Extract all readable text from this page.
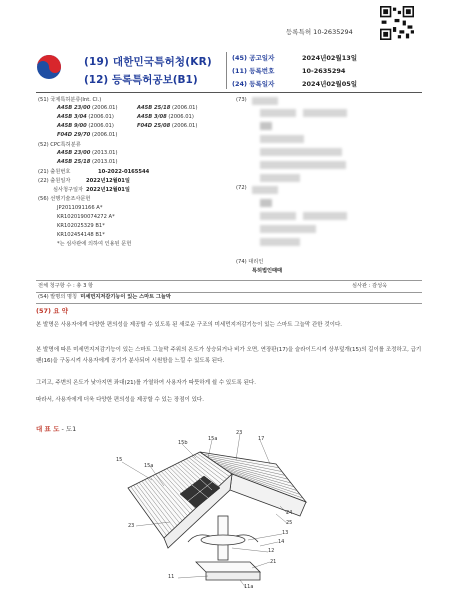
등록특허 10-2635294
(19) 대한민국특허청(KR)
(12) 등록특허공보(B1)
(45) 공고일자	2024년02월13일
(11) 등록번호	10-2635294
(24) 등록일자	2024년02월05일
(51) 국제특허분류(Int. Cl.)
A45B 23/00 (2006.01)	A45B 25/18 (2006.01)
A45B 3/04 (2006.01)	A45B 3/08 (2006.01)
A45B 9/00 (2006.01)	F04D 25/08 (2006.01)
F04D 29/70 (2006.01)
(52) CPC특허분류
A45B 23/00 (2013.01)
A45B 25/18 (2013.01)
(21) 출원번호	10-2022-0165544
(22) 출원일자	2022년12월01일
심사청구일자 2022년12월01일
(56) 선행기술조사문헌
JP2011091166 A*
KR1020190074272 A*
KR102025329 B1*
KR102454148 B1*
*는 심사관에 의하여 인용된 문헌
(73)
(72)
(74) 대리인
특허법인때때
전체 청구항 수 : 총 3 항	심사관 : 감성욱
(54) 발명의 명칭 미세먼지저감기능이 있는 스마트 그늘막
(57) 요 약
본 발명은 사용자에게 다양한 편의성을 제공할 수 있도록 된 새로운 구조의 미세먼지저감기능이 있는 스마트 그늘막 관한 것이다.
본 발명에 따른 미세먼지저감기능이 있는 스마트 그늘막 주위의 온도가 상승되거나 비가 오면, 연장판(17)을 슬라이드시켜 상부덮개(15)의 길이를 조정하고, 급기팬(16)을 구동시켜 사용자에게 공기가 분사되어 시원함을 느낄 수 있도록 된다.
그리고, 주변의 온도가 낮아지면 좌대(21)를 가열하여 사용자가 따뜻하게 쉴 수 있도록 된다.
따라서, 사용자에게 더욱 다양한 편의성을 제공할 수 있는 장점이 있다.
대 표 도 - 도1
15
15b
15a
23
17
15a
23
24
25
13
14
12
21
11
11a
